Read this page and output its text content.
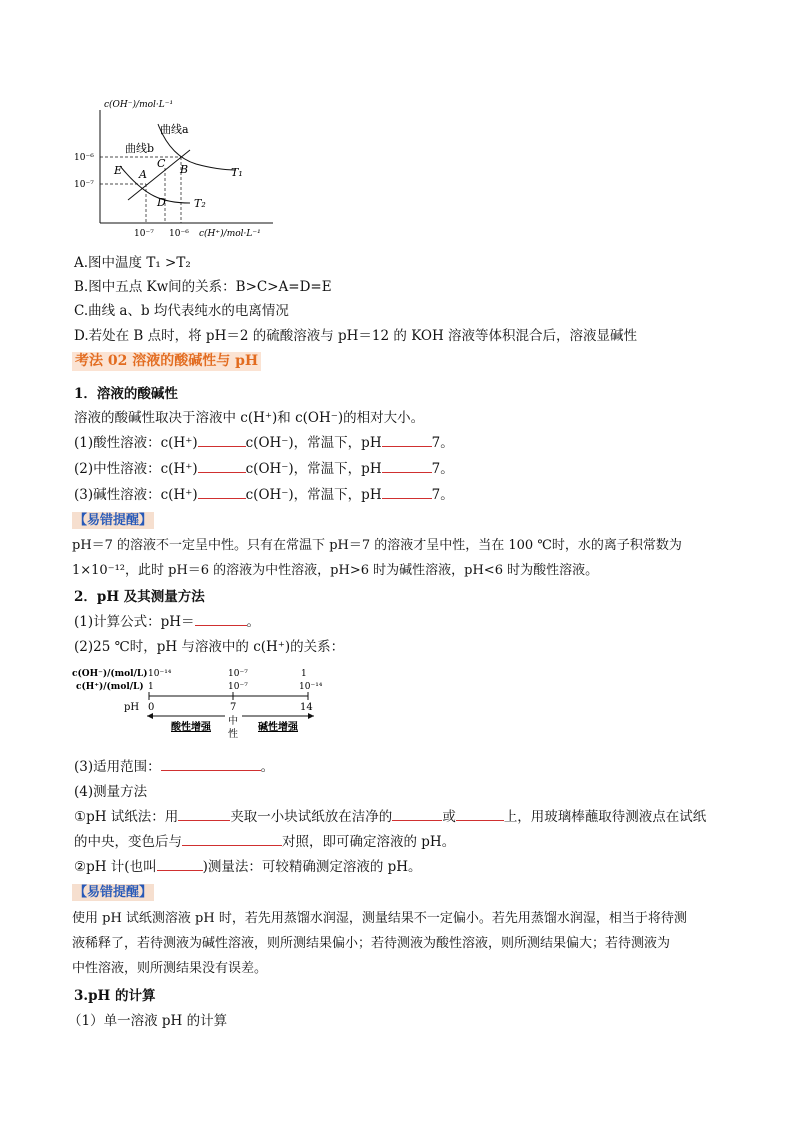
c(OH⁻)/mol·L⁻¹
10⁻⁶
10⁻⁷
10⁻⁷ 10⁻⁶ c(H⁺)/mol·L⁻¹
曲线a
曲线b
E A
C B
D
T₁
T₂
A.图中温度 T₁ >T₂
B.图中五点 Kw间的关系：B>C>A=D=E
C.曲线 a、b 均代表纯水的电离情况
D.若处在 B 点时，将 pH＝2 的硫酸溶液与 pH＝12 的 KOH 溶液等体积混合后，溶液显碱性
考法 02 溶液的酸碱性与 pH
1．溶液的酸碱性
溶液的酸碱性取决于溶液中 c(H⁺)和 c(OH⁻)的相对大小。
(1)酸性溶液：c(H⁺)	c(OH⁻)，常温下，pH	7。
(2)中性溶液：c(H⁺)	c(OH⁻)，常温下，pH	7。
(3)碱性溶液：c(H⁺)	c(OH⁻)，常温下，pH	7。
【易错提醒】
pH＝7 的溶液不一定呈中性。只有在常温下 pH＝7 的溶液才呈中性，当在 100 ℃时，水的离子积常数为
1×10⁻¹²，此时 pH＝6 的溶液为中性溶液，pH>6 时为碱性溶液，pH<6 时为酸性溶液。
2．pH 及其测量方法
(1)计算公式：pH＝	。
(2)25 ℃时，pH 与溶液中的 c(H⁺)的关系：
c(OH⁻)/(mol/L)
c(H⁺)/(mol/L)
pH
10⁻¹⁴	10⁻⁷	1
1	10⁻⁷	10⁻¹⁴
0	7	14
酸性增强
中
性
碱性增强
(3)适用范围：	。
(4)测量方法
①pH 试纸法：用	夹取一小块试纸放在洁净的	或	上，用玻璃棒蘸取待测液点在试纸
的中央，变色后与	对照，即可确定溶液的 pH。
②pH 计(也叫	)测量法：可较精确测定溶液的 pH。
【易错提醒】
使用 pH 试纸测溶液 pH 时，若先用蒸馏水润湿，测量结果不一定偏小。若先用蒸馏水润湿，相当于将待测
液稀释了，若待测液为碱性溶液，则所测结果偏小；若待测液为酸性溶液，则所测结果偏大；若待测液为
中性溶液，则所测结果没有误差。
3.pH 的计算
（1）单一溶液 pH 的计算
